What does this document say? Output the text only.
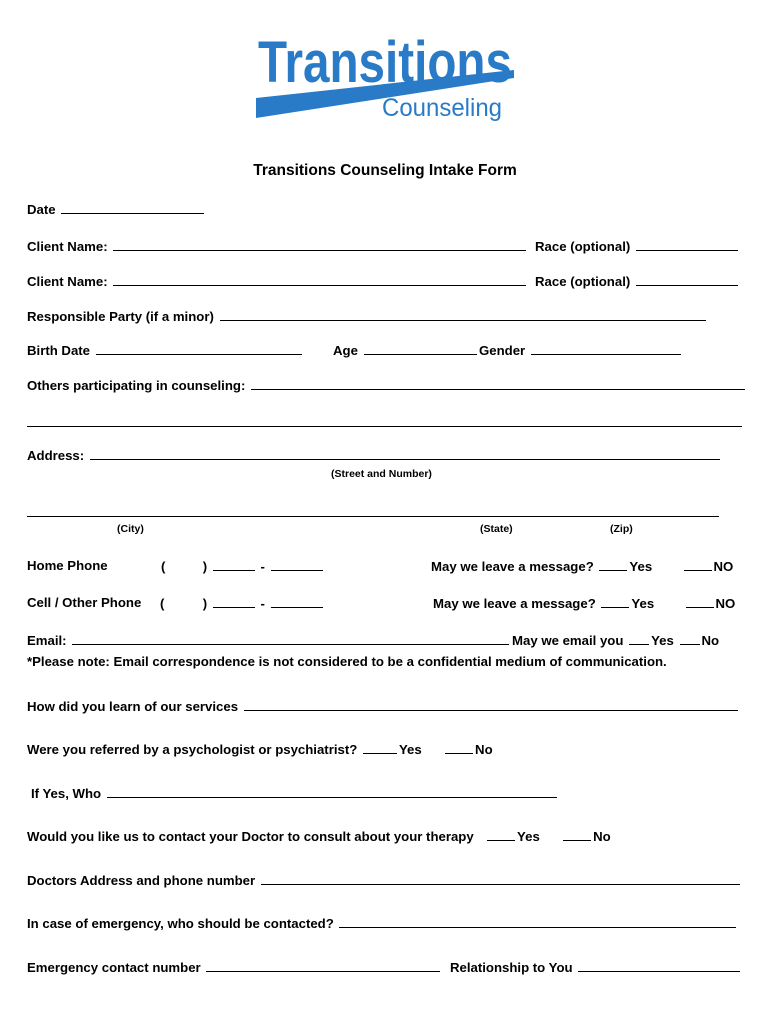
Transitions
Counseling
Transitions Counseling Intake Form
Date
Client Name:	Race (optional)
Client Name:	Race (optional)
Responsible Party (if a minor)
Birth Date	Age	Gender
Others participating in counseling:
Address:
(Street and Number)
(City)	(State)	(Zip)
Home Phone	(	)	-	May we leave a message?	Yes	NO
Cell / Other Phone (	)	-	May we leave a message?	Yes	NO
Email:	May we email you Yes No
*Please note: Email correspondence is not considered to be a confidential medium of communication.
How did you learn of our services
Were you referred by a psychologist or psychiatrist?	Yes	No
If Yes, Who
Would you like us to contact your Doctor to consult about your therapy	Yes	No
Doctors Address and phone number
In case of emergency, who should be contacted?
Emergency contact number	Relationship to You
